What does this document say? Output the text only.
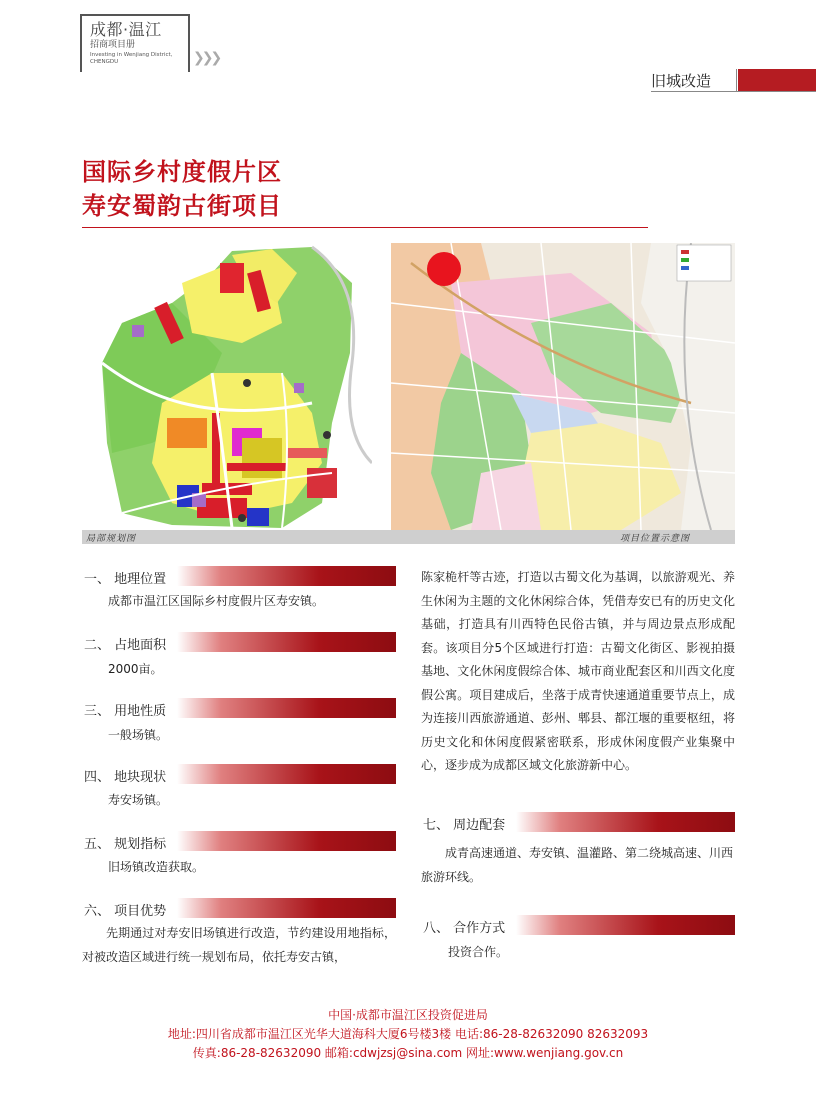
成都·温江
招商项目册
Investing in Wenjiang District, CHENGDU	❯❯❯
旧城改造
国际乡村度假片区
寿安蜀韵古街项目
局部规划图	项目位置示意图
一、 地理位置
成都市温江区国际乡村度假片区寿安镇。
二、 占地面积
2000亩。
三、 用地性质
一般场镇。
四、 地块现状
寿安场镇。
五、 规划指标
旧场镇改造获取。
六、 项目优势
先期通过对寿安旧场镇进行改造，节约建设用地指标，对被改造区域进行统一规划布局，依托寿安古镇，
陈家桅杆等古迹，打造以古蜀文化为基调，以旅游观光、养生休闲为主题的文化休闲综合体，凭借寿安已有的历史文化基础，打造具有川西特色民俗古镇，并与周边景点形成配套。该项目分5个区域进行打造：古蜀文化街区、影视拍摄基地、文化休闲度假综合体、城市商业配套区和川西文化度假公寓。项目建成后，坐落于成青快速通道重要节点上，成为连接川西旅游通道、彭州、郫县、都江堰的重要枢纽，将历史文化和休闲度假紧密联系，形成休闲度假产业集聚中心，逐步成为成都区域文化旅游新中心。
七、 周边配套
成青高速通道、寿安镇、温灌路、第二绕城高速、川西旅游环线。
八、 合作方式
投资合作。
中国·成都市温江区投资促进局
地址:四川省成都市温江区光华大道海科大厦6号楼3楼 电话:86-28-82632090 82632093
传真:86-28-82632090 邮箱:cdwjzsj@sina.com 网址:www.wenjiang.gov.cn
